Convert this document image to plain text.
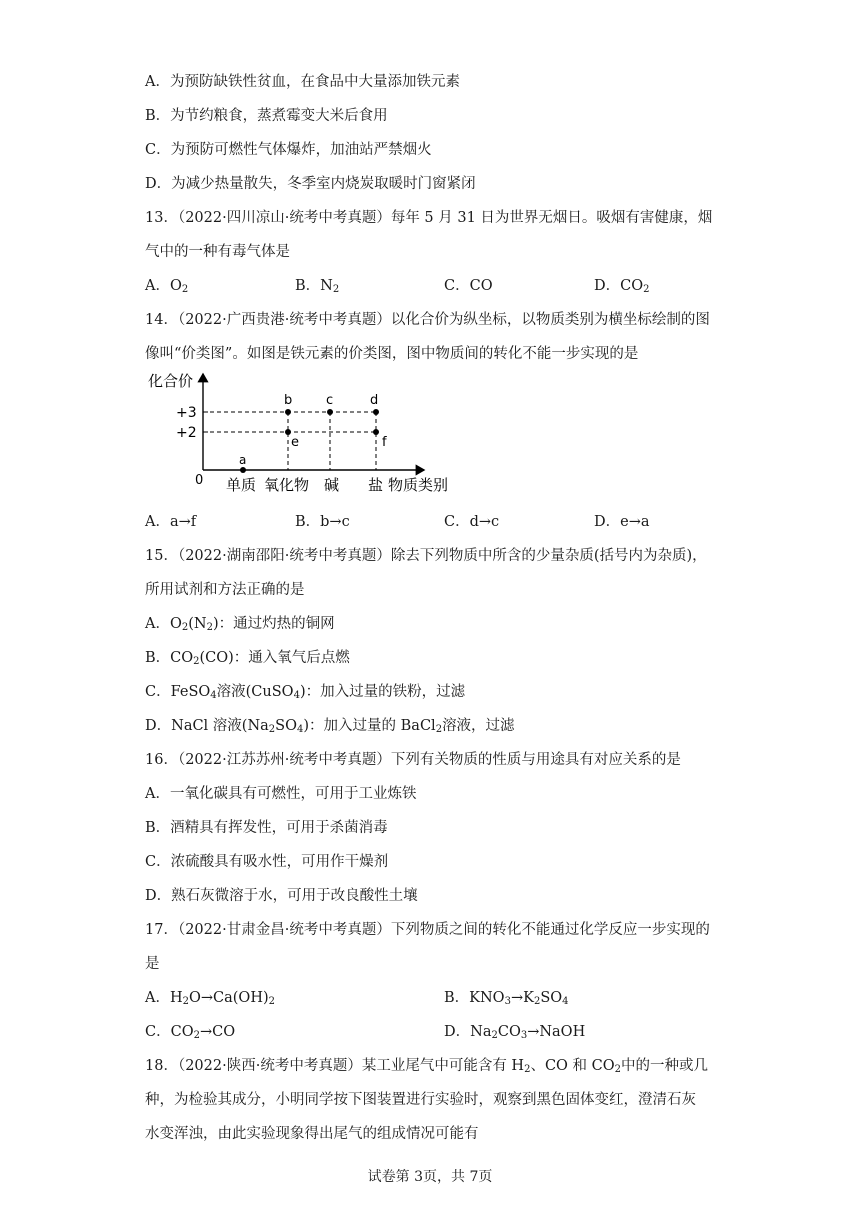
A．为预防缺铁性贫血，在食品中大量添加铁元素
B．为节约粮食，蒸煮霉变大米后食用
C．为预防可燃性气体爆炸，加油站严禁烟火
D．为减少热量散失，冬季室内烧炭取暖时门窗紧闭
13．（2022·四川凉山·统考中考真题）每年 5 月 31 日为世界无烟日。吸烟有害健康，烟
气中的一种有毒气体是
A．$O_2$	B．$N_2$	C．CO	D．$CO_2$
14．（2022·广西贵港·统考中考真题）以化合价为纵坐标，以物质类别为横坐标绘制的图
像叫“价类图”。如图是铁元素的价类图，图中物质间的转化不能一步实现的是
化合价
+3
+2
0
a
b	c	d
e	f
单质 氧化物 碱 盐 物质类别
A．a→f	B．b→c	C．d→c	D．e→a
15．（2022·湖南邵阳·统考中考真题）除去下列物质中所含的少量杂质(括号内为杂质)，
所用试剂和方法正确的是
A．$O_2(N_2)$：通过灼热的铜网
B．$CO_2(CO)$：通入氧气后点燃
C．FeSO$_4$溶液(CuSO$_4$)：加入过量的铁粉，过滤
D．NaCl 溶液$(Na_2SO_4)$：加入过量的 BaCl$_2$溶液，过滤
16．（2022·江苏苏州·统考中考真题）下列有关物质的性质与用途具有对应关系的是
A．一氧化碳具有可燃性，可用于工业炼铁
B．酒精具有挥发性，可用于杀菌消毒
C．浓硫酸具有吸水性，可用作干燥剂
D．熟石灰微溶于水，可用于改良酸性土壤
17．（2022·甘肃金昌·统考中考真题）下列物质之间的转化不能通过化学反应一步实现的
是
A．$H_2O\to Ca(OH)_2$	B．$KNO_3\to K_2SO_4$
C．$CO_2\to CO$	D．$Na_2CO_3\to NaOH$
18．（2022·陕西·统考中考真题）某工业尾气中可能含有 $H_2$、CO 和 $CO_2$中的一种或几
种，为检验其成分，小明同学按下图装置进行实验时，观察到黑色固体变红，澄清石灰
水变浑浊，由此实验现象得出尾气的组成情况可能有
试卷第 3页，共 7页
